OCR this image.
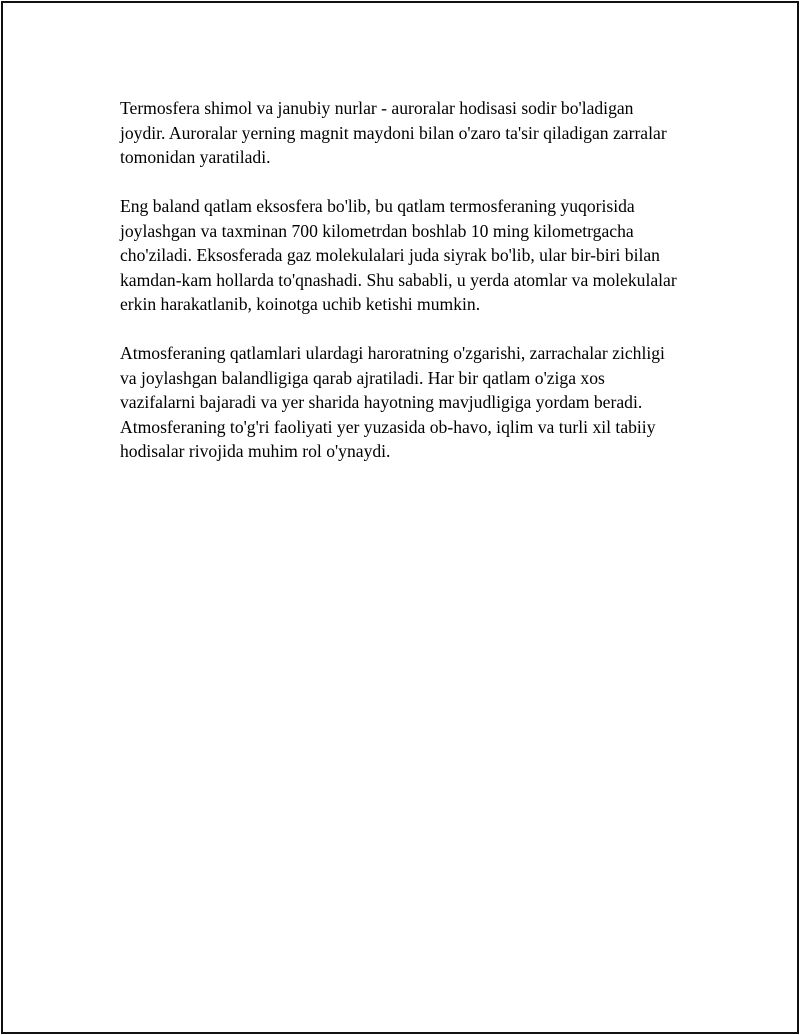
Termosfera shimol va janubiy nurlar - auroralar hodisasi sodir bo'ladigan joydir. Auroralar yerning magnit maydoni bilan o'zaro ta'sir qiladigan zarralar tomonidan yaratiladi.

Eng baland qatlam eksosfera bo'lib, bu qatlam termosferaning yuqorisida joylashgan va taxminan 700 kilometrdan boshlab 10 ming kilometrgacha cho'ziladi. Eksosferada gaz molekulalari juda siyrak bo'lib, ular bir-biri bilan kamdan-kam hollarda to'qnashadi. Shu sababli, u yerda atomlar va molekulalar erkin harakatlanib, koinotga uchib ketishi mumkin.

Atmosferaning qatlamlari ulardagi haroratning o'zgarishi, zarrachalar zichligi va joylashgan balandligiga qarab ajratiladi. Har bir qatlam o'ziga xos vazifalarni bajaradi va yer sharida hayotning mavjudligiga yordam beradi. Atmosferaning to'g'ri faoliyati yer yuzasida ob-havo, iqlim va turli xil tabiiy hodisalar rivojida muhim rol o'ynaydi.
